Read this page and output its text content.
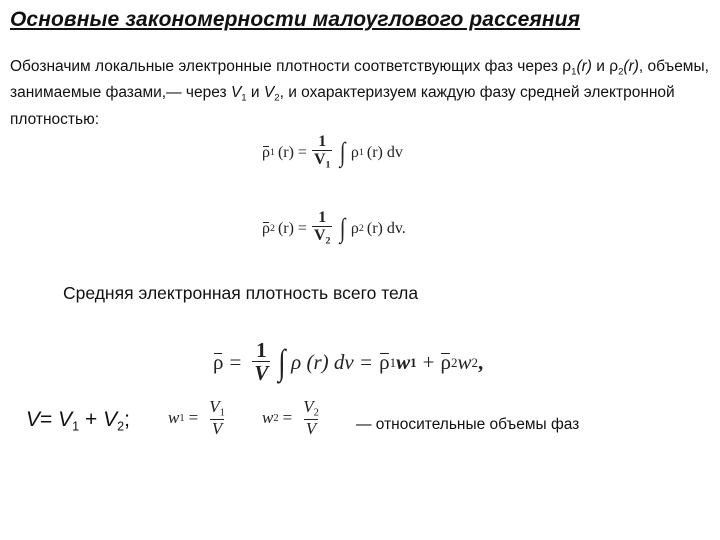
Основные закономерности малоуглового рассеяния
Обозначим локальные электронные плотности соответствующих фаз через $\rho_1(r)$ и $\rho_2(r)$, объемы, занимаемые фазами,— через $V_1$ и $V_2$, и охарактеризуем каждую фазу средней электронной плотностью:
ρ 1 $(r) = \frac{1}{V_1}$ ∫ ρ 1 (r) dv
ρ 2 $(r) = \frac{1}{V_2}$ ∫ ρ 2 (r) dv.
Средняя электронная плотность всего тела
$\rho = \frac{1}{V}$ ∫ ρ (r) dv = ρ 1 w 1 + ρ 2 w 2 ,
$V= V_1 + V_2$; w $1 = \frac{V_1}{V}$ w $2 = \frac{V_2}{V}$ — относительные объемы фаз
